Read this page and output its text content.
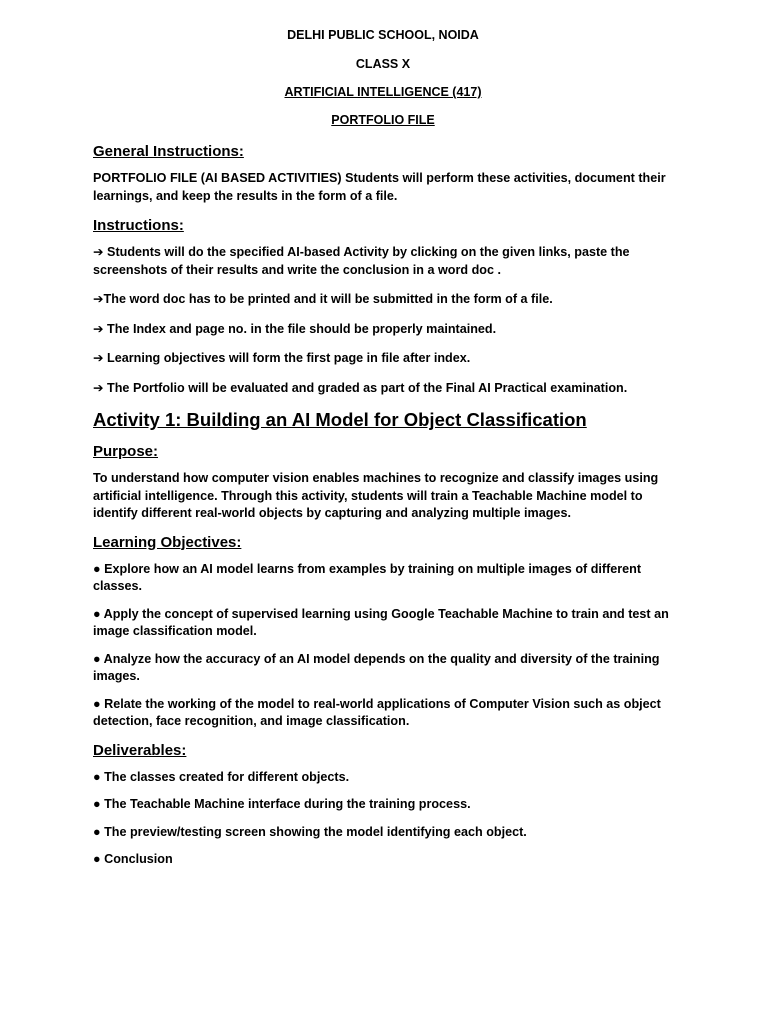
DELHI PUBLIC SCHOOL, NOIDA
CLASS X
ARTIFICIAL INTELLIGENCE (417)
PORTFOLIO FILE
General Instructions:
PORTFOLIO FILE (AI BASED ACTIVITIES) Students will perform these activities, document their learnings, and keep the results in the form of a file.
Instructions:
➔ Students will do the specified AI-based Activity by clicking on the given links, paste the screenshots of their results and write the conclusion in a word doc .
➔The word doc has to be printed and it will be submitted in the form of a file.
➔ The Index and page no. in the file should be properly maintained.
➔ Learning objectives will form the first page in file after index.
➔ The Portfolio will be evaluated and graded as part of the Final AI Practical examination.
Activity 1: Building an AI Model for Object Classification
Purpose:
To understand how computer vision enables machines to recognize and classify images using artificial intelligence. Through this activity, students will train a Teachable Machine model to identify different real-world objects by capturing and analyzing multiple images.
Learning Objectives:
● Explore how an AI model learns from examples by training on multiple images of different classes.
● Apply the concept of supervised learning using Google Teachable Machine to train and test an image classification model.
● Analyze how the accuracy of an AI model depends on the quality and diversity of the training images.
● Relate the working of the model to real-world applications of Computer Vision such as object detection, face recognition, and image classification.
Deliverables:
● The classes created for different objects.
● The Teachable Machine interface during the training process.
● The preview/testing screen showing the model identifying each object.
● Conclusion
